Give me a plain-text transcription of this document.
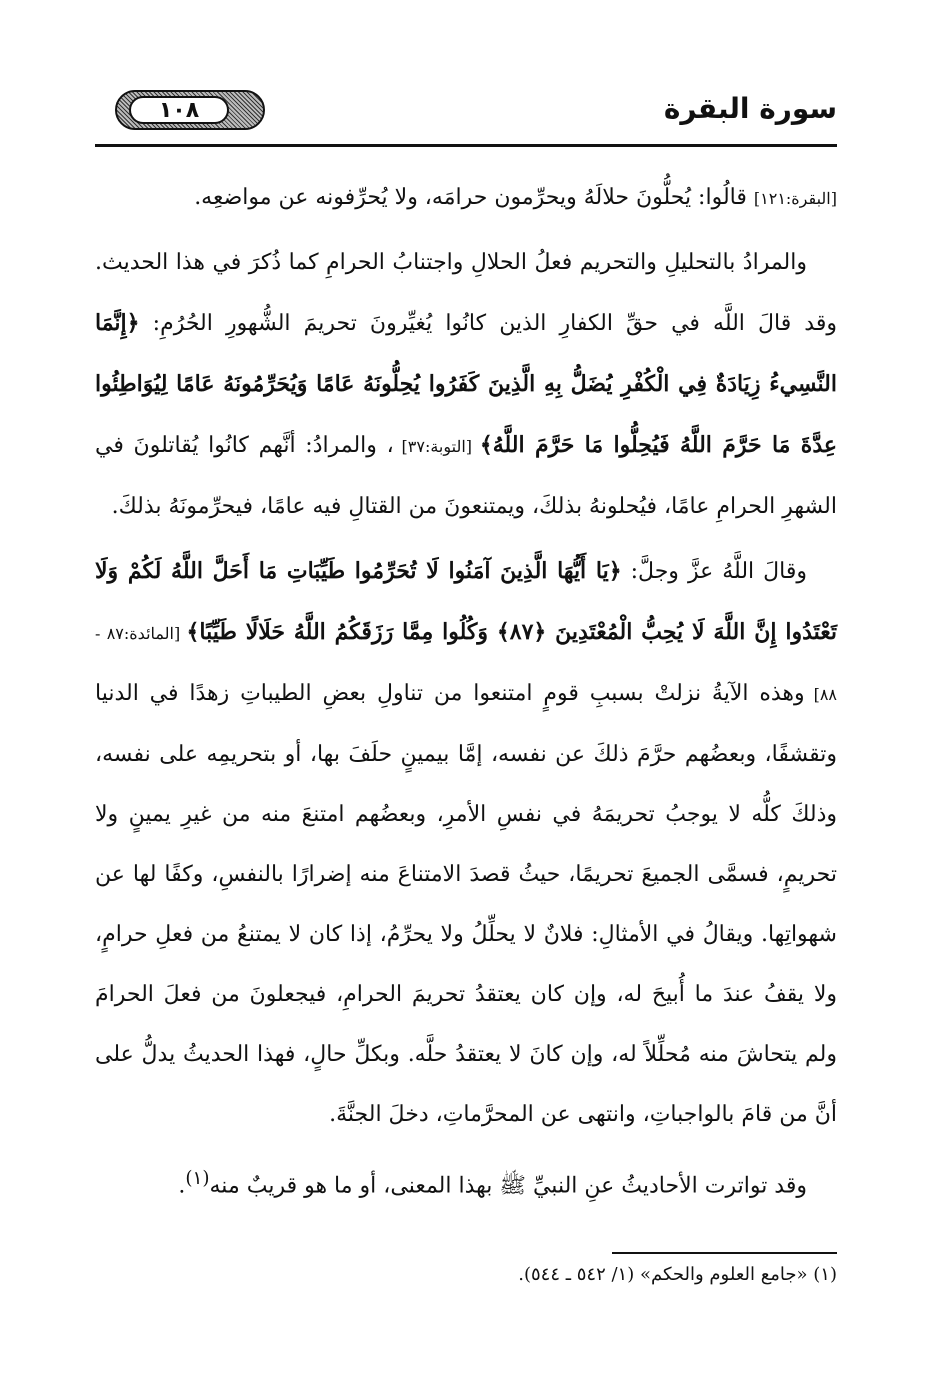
١٠٨	سورة البقرة

[البقرة:١٢١] قالُوا: يُحلُّونَ حلالَهُ ويحرِّمون حرامَه، ولا يُحرِّفونه عن مواضعِه.

والمرادُ بالتحليلِ والتحريم فعلُ الحلالِ واجتنابُ الحرامِ كما ذُكرَ في هذا الحديث. وقد قالَ اللَّه في حقِّ الكفارِ الذين كانُوا يُغيِّرونَ تحريمَ الشُّهورِ الحُرُمِ: ﴿إِنَّمَا النَّسِيءُ زِيَادَةٌ فِي الْكُفْرِ يُضَلُّ بِهِ الَّذِينَ كَفَرُوا يُحِلُّونَهُ عَامًا وَيُحَرِّمُونَهُ عَامًا لِيُوَاطِئُوا عِدَّةَ مَا حَرَّمَ اللَّهُ فَيُحِلُّوا مَا حَرَّمَ اللَّهُ﴾ [التوبة:٣٧] ، والمرادُ: أنَّهم كانُوا يُقاتلونَ في الشهرِ الحرامِ عامًا، فيُحلونهُ بذلكَ، ويمتنعونَ من القتالِ فيه عامًا، فيحرِّمونَهُ بذلكَ.

وقالَ اللَّهُ عزَّ وجلَّ: ﴿يَا أَيُّهَا الَّذِينَ آمَنُوا لَا تُحَرِّمُوا طَيِّبَاتِ مَا أَحَلَّ اللَّهُ لَكُمْ وَلَا تَعْتَدُوا إِنَّ اللَّهَ لَا يُحِبُّ الْمُعْتَدِينَ ﴿٨٧﴾ وَكُلُوا مِمَّا رَزَقَكُمُ اللَّهُ حَلَالًا طَيِّبًا﴾ [المائدة:٨٧ - ٨٨] وهذه الآيةُ نزلتْ بسببِ قومٍ امتنعوا من تناولِ بعضِ الطيباتِ زهدًا في الدنيا وتقشفًا، وبعضُهم حرَّمَ ذلكَ عن نفسه، إمَّا بيمينٍ حلَفَ بها، أو بتحريمِه على نفسه، وذلكَ كلُّه لا يوجبُ تحريمَهُ في نفسِ الأمرِ، وبعضُهم امتنعَ منه من غيرِ يمينٍ ولا تحريمٍ، فسمَّى الجميعَ تحريمًا، حيثُ قصدَ الامتناعَ منه إضرارًا بالنفسِ، وكفًا لها عن شهواتِها. ويقالُ في الأمثالِ: فلانٌ لا يحلِّلُ ولا يحرِّمُ، إذا كان لا يمتنعُ من فعلِ حرامٍ، ولا يقفُ عندَ ما أُبيحَ له، وإن كان يعتقدُ تحريمَ الحرامِ، فيجعلونَ من فعلَ الحرامَ ولم يتحاشَ منه مُحلِّلاً له، وإن كانَ لا يعتقدُ حلَّه. وبكلِّ حالٍ، فهذا الحديثُ يدلُّ على أنَّ من قامَ بالواجباتِ، وانتهى عن المحرَّماتِ، دخلَ الجنَّةَ.

وقد تواترت الأحاديثُ عنِ النبيِّ ﷺ بهذا المعنى، أو ما هو قريبٌ منه$^{(١)}$.

(١) «جامع العلوم والحكم» (١/ ٥٤٢ ـ ٥٤٤).
